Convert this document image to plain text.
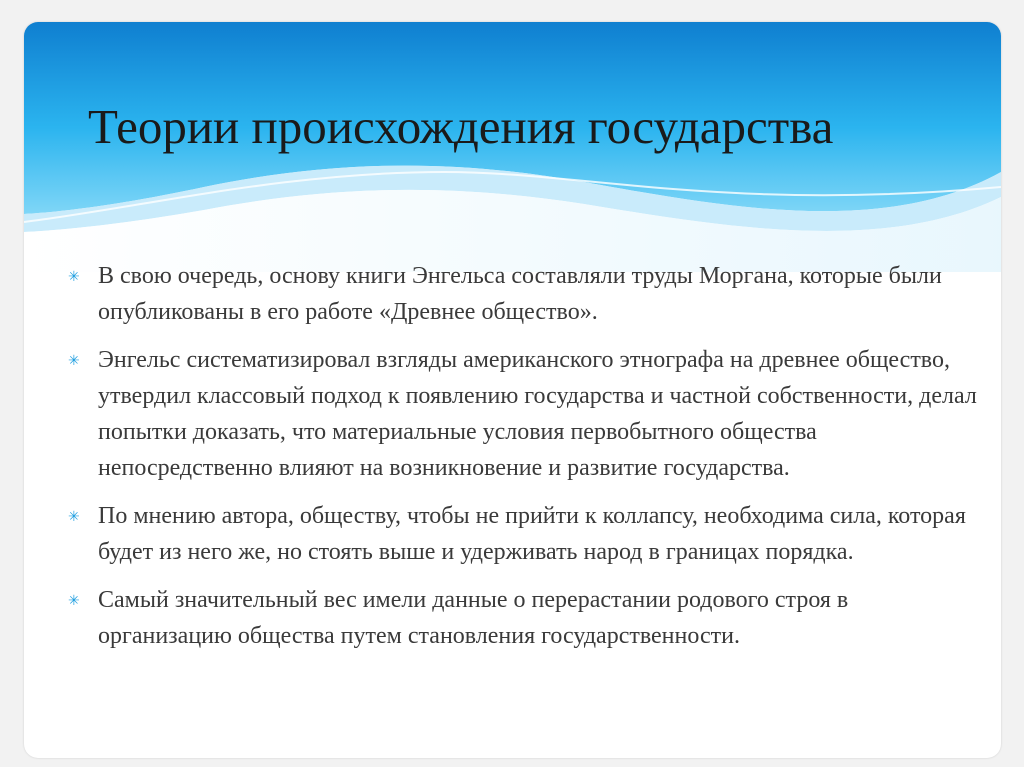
Теории происхождения государства
✳ В свою очередь, основу книги Энгельса составляли труды Моргана, которые были опубликованы в его работе «Древнее общество».
✳ Энгельс систематизировал взгляды американского этнографа на древнее общество, утвердил классовый подход к появлению государства и частной собственности, делал попытки доказать, что материальные условия первобытного общества непосредственно влияют на возникновение и развитие государства.
✳ По мнению автора, обществу, чтобы не прийти к коллапсу, необходима сила, которая будет из него же, но стоять выше и удерживать народ в границах порядка.
✳ Самый значительный вес имели данные о перерастании родового строя в организацию общества путем становления государственности.
